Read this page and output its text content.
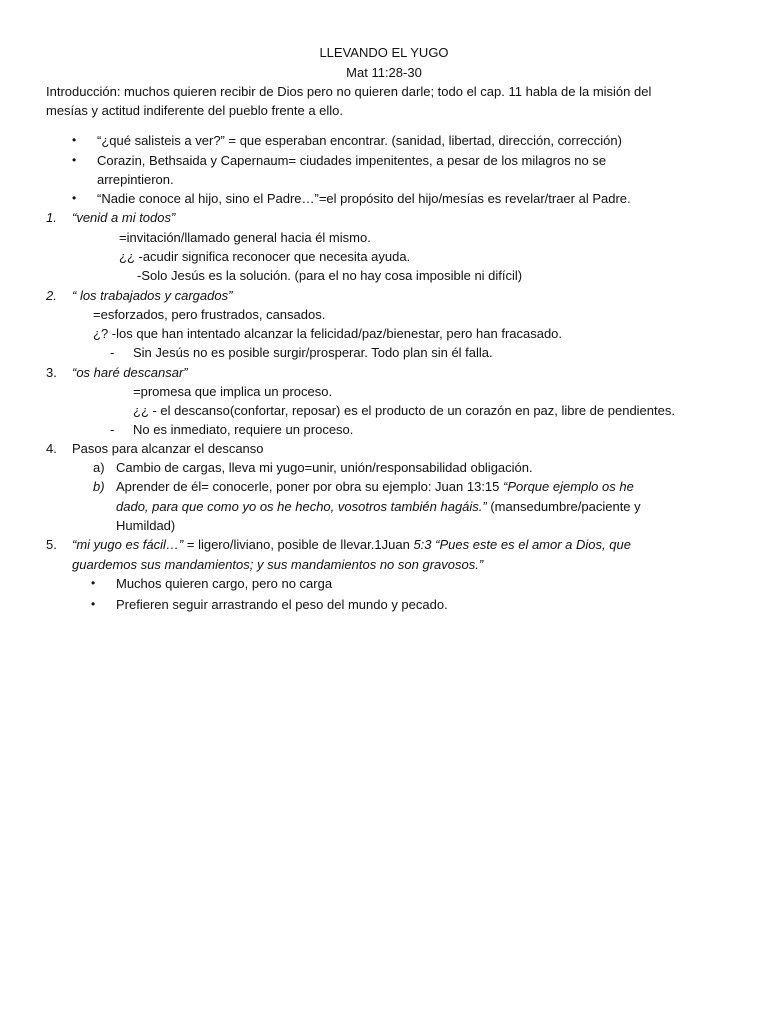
LLEVANDO EL YUGO
Mat 11:28-30
Introducción: muchos quieren recibir de Dios pero no quieren darle; todo el cap. 11 habla de la misión del
mesías y actitud indiferente del pueblo frente a ello.
• “¿qué salisteis a ver?” = que esperaban encontrar. (sanidad, libertad, dirección, corrección)
• Corazin, Bethsaida y Capernaum= ciudades impenitentes, a pesar de los milagros no se
arrepintieron.
• “Nadie conoce al hijo, sino el Padre…”=el propósito del hijo/mesías es revelar/traer al Padre.
1. “venid a mi todos”
=invitación/llamado general hacia él mismo.
¿¿ -acudir significa reconocer que necesita ayuda.
-Solo Jesús es la solución. (para el no hay cosa imposible ni difícil)
2. “ los trabajados y cargados”
=esforzados, pero frustrados, cansados.
¿? -los que han intentado alcanzar la felicidad/paz/bienestar, pero han fracasado.
- Sin Jesús no es posible surgir/prosperar. Todo plan sin él falla.
3. “os haré descansar”
=promesa que implica un proceso.
¿¿ - el descanso(confortar, reposar) es el producto de un corazón en paz, libre de pendientes.
- No es inmediato, requiere un proceso.
4. Pasos para alcanzar el descanso
a) Cambio de cargas, lleva mi yugo=unir, unión/responsabilidad obligación.
b) Aprender de él= conocerle, poner por obra su ejemplo: Juan 13:15 “Porque ejemplo os he
dado, para que como yo os he hecho, vosotros también hagáis.” (mansedumbre/paciente y
Humildad)
5. “mi yugo es fácil…” = ligero/liviano, posible de llevar.1Juan 5:3 “Pues este es el amor a Dios, que
guardemos sus mandamientos; y sus mandamientos no son gravosos.”
• Muchos quieren cargo, pero no carga
• Prefieren seguir arrastrando el peso del mundo y pecado.
